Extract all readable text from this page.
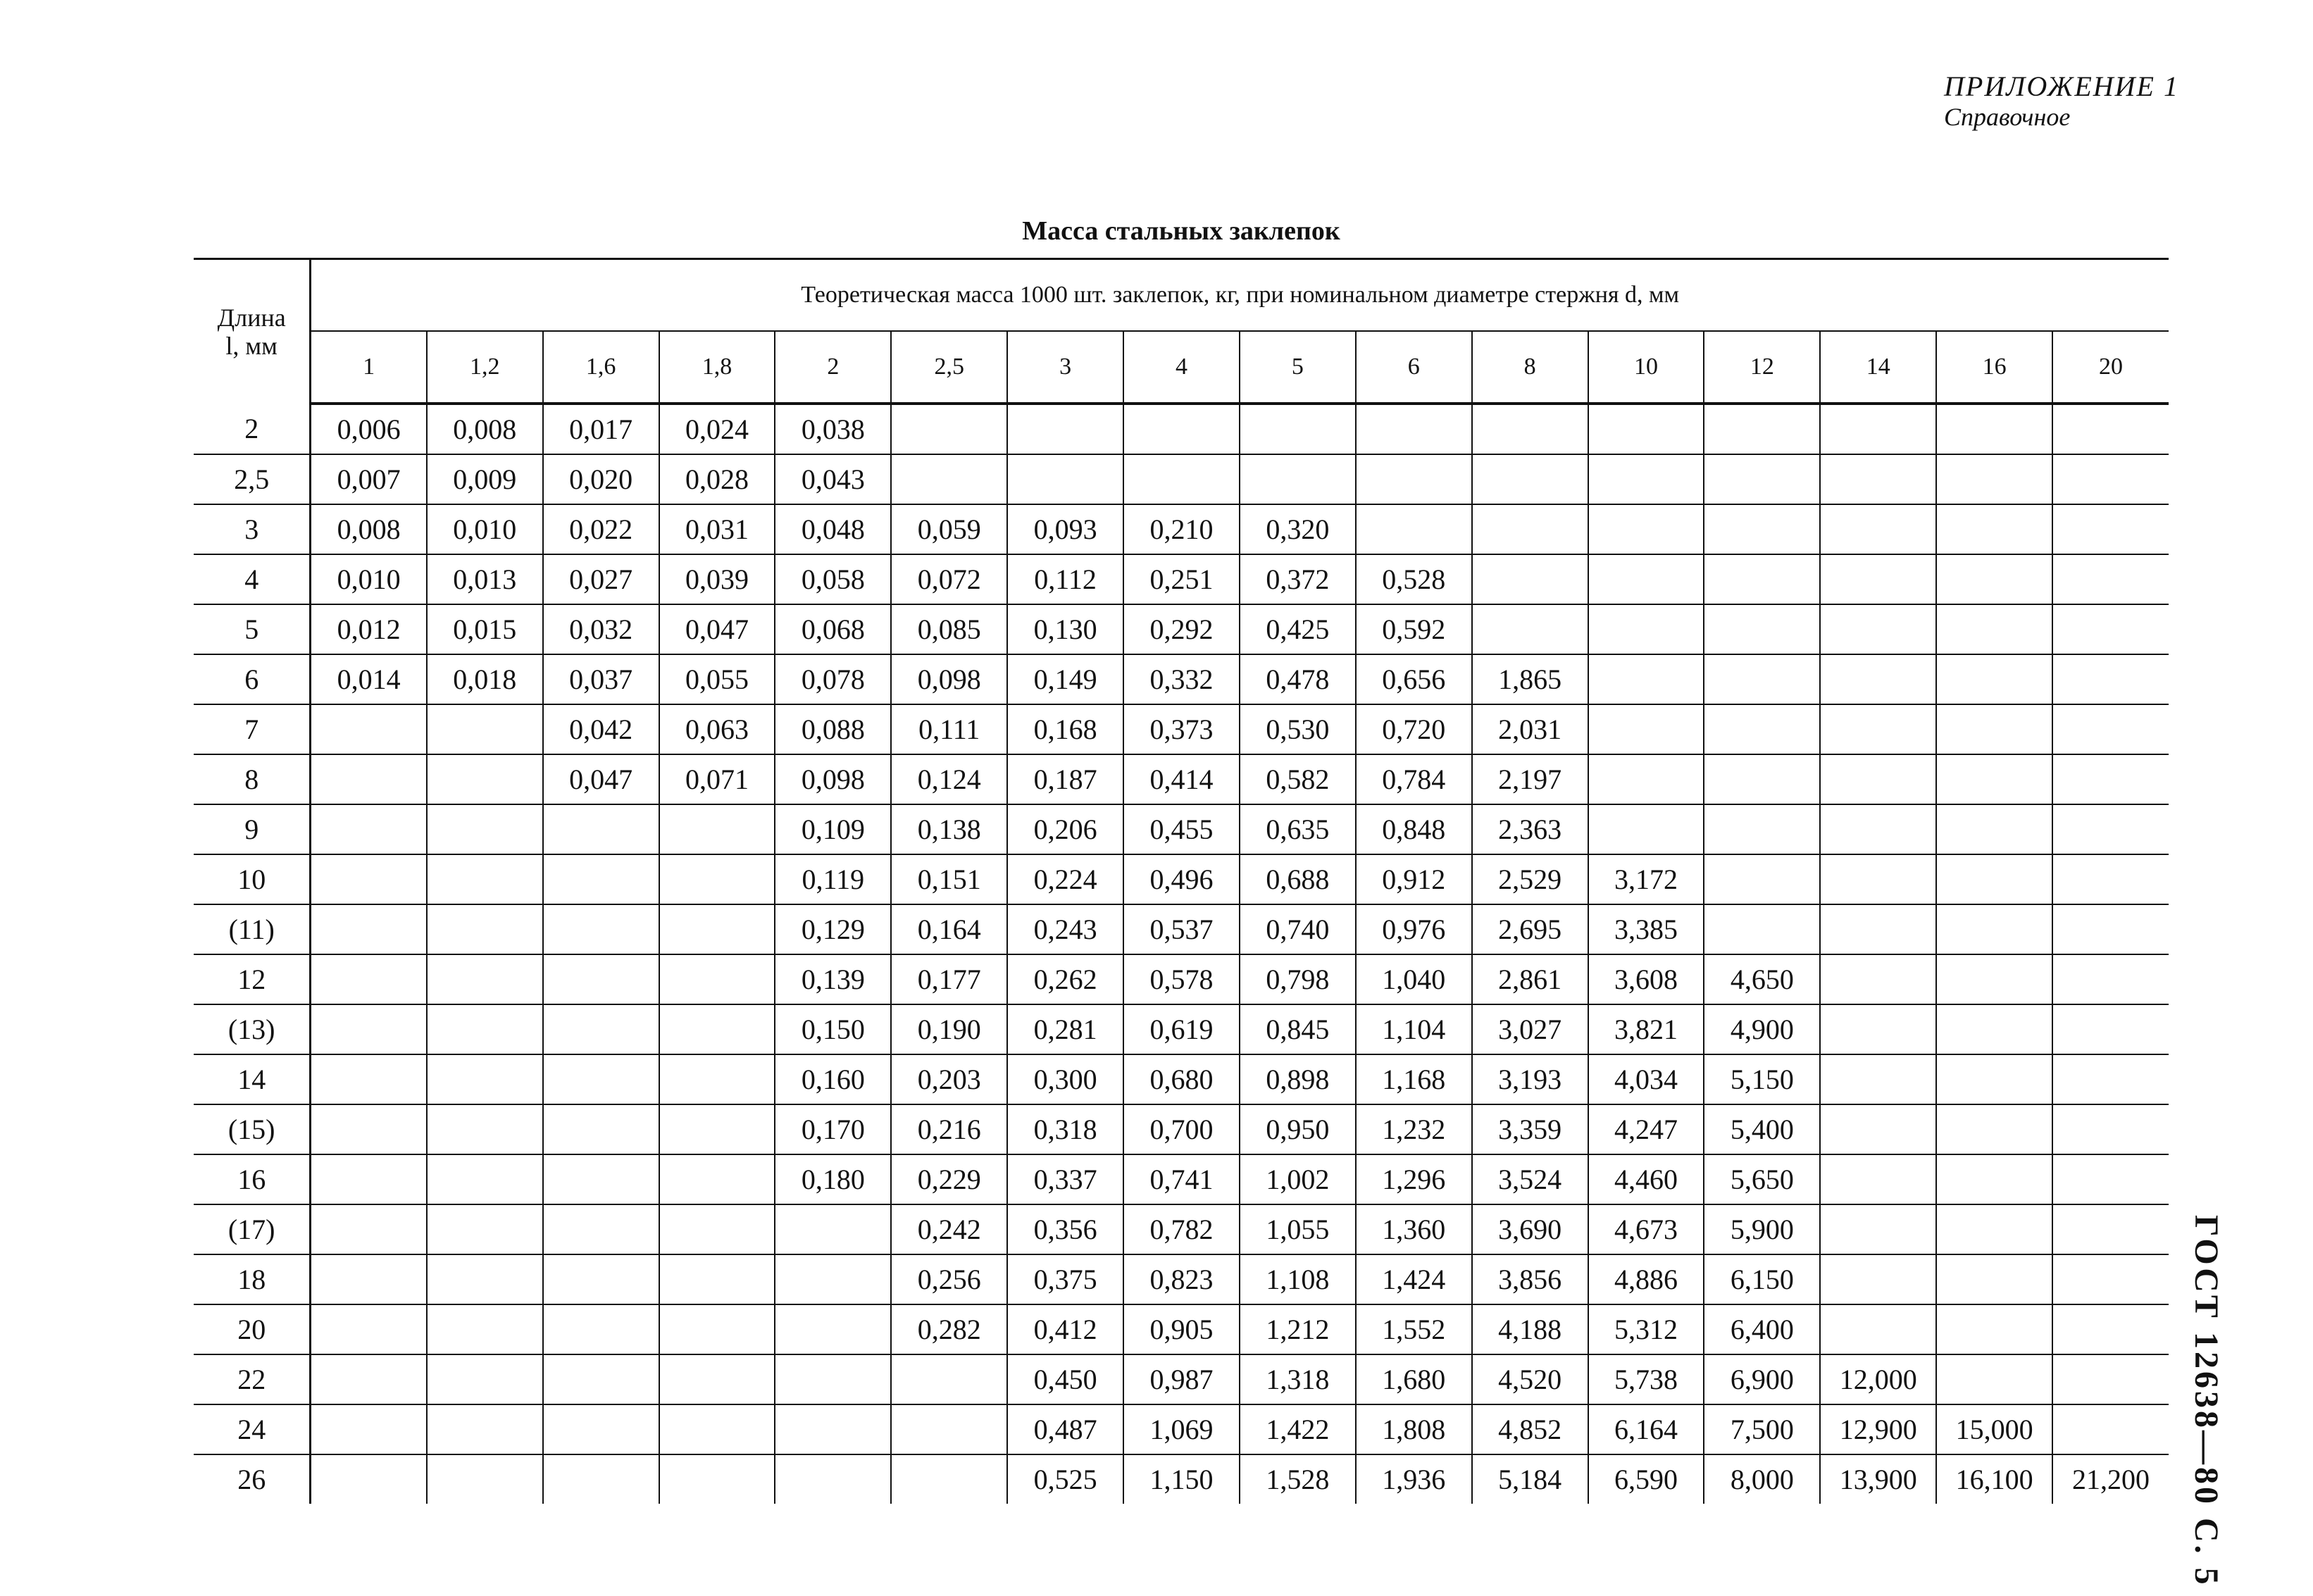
ПРИЛОЖЕНИЕ 1
Справочное
Масса стальных заклепок
Длина
l, мм	Теоретическая масса 1000 шт. заклепок, кг, при номинальном диаметре стержня d, мм															
	1	1,2	1,6	1,8	2	2,5	3	4	5	6	8	10	12	14	16	20
2	0,006	0,008	0,017	0,024	0,038											
2,5	0,007	0,009	0,020	0,028	0,043											
3	0,008	0,010	0,022	0,031	0,048	0,059	0,093	0,210	0,320							
4	0,010	0,013	0,027	0,039	0,058	0,072	0,112	0,251	0,372	0,528						
5	0,012	0,015	0,032	0,047	0,068	0,085	0,130	0,292	0,425	0,592						
6	0,014	0,018	0,037	0,055	0,078	0,098	0,149	0,332	0,478	0,656	1,865					
7			0,042	0,063	0,088	0,111	0,168	0,373	0,530	0,720	2,031					
8			0,047	0,071	0,098	0,124	0,187	0,414	0,582	0,784	2,197					
9					0,109	0,138	0,206	0,455	0,635	0,848	2,363					
10					0,119	0,151	0,224	0,496	0,688	0,912	2,529	3,172				
(11)					0,129	0,164	0,243	0,537	0,740	0,976	2,695	3,385				
12					0,139	0,177	0,262	0,578	0,798	1,040	2,861	3,608	4,650			
(13)					0,150	0,190	0,281	0,619	0,845	1,104	3,027	3,821	4,900			
14					0,160	0,203	0,300	0,680	0,898	1,168	3,193	4,034	5,150			
(15)					0,170	0,216	0,318	0,700	0,950	1,232	3,359	4,247	5,400			
16					0,180	0,229	0,337	0,741	1,002	1,296	3,524	4,460	5,650			
(17)						0,242	0,356	0,782	1,055	1,360	3,690	4,673	5,900			
18						0,256	0,375	0,823	1,108	1,424	3,856	4,886	6,150			
20						0,282	0,412	0,905	1,212	1,552	4,188	5,312	6,400			
22							0,450	0,987	1,318	1,680	4,520	5,738	6,900	12,000		
24							0,487	1,069	1,422	1,808	4,852	6,164	7,500	12,900	15,000	
26							0,525	1,150	1,528	1,936	5,184	6,590	8,000	13,900	16,100	21,200 ГОСТ 12638—80 С. 5
